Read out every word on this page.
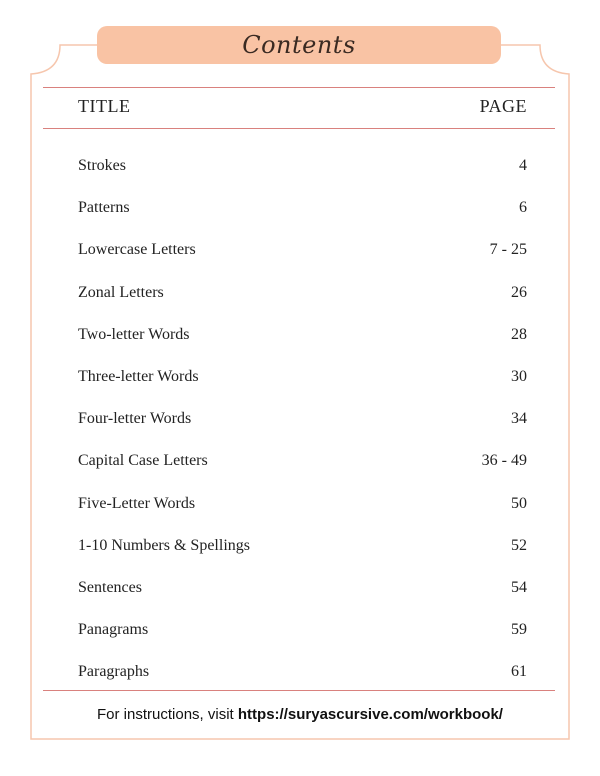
Contents
TITLE	PAGE
Strokes	4
Patterns	6
Lowercase Letters	7 - 25
Zonal Letters	26
Two-letter Words	28
Three-letter Words	30
Four-letter Words	34
Capital Case Letters	36 - 49
Five-Letter Words	50
1-10 Numbers & Spellings	52
Sentences	54
Panagrams	59
Paragraphs	61
For instructions, visit https://suryascursive.com/workbook/
